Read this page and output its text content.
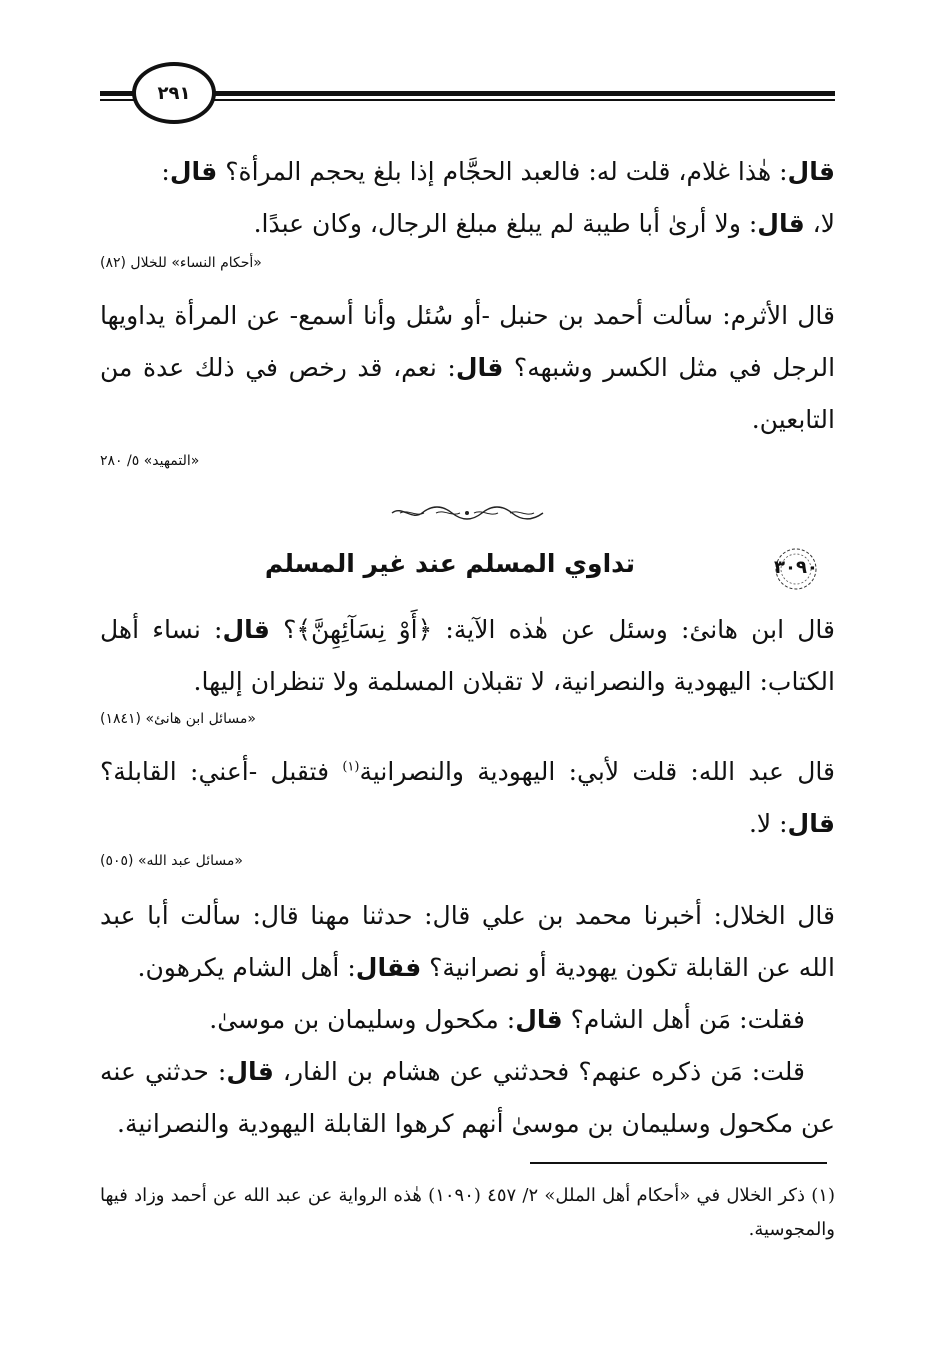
٢٩١
قال: هٰذا غلام، قلت له: فالعبد الحجَّام إذا بلغ يحجم المرأة؟ قال:
لا، قال: ولا أرىٰ أبا طيبة لم يبلغ مبلغ الرجال، وكان عبدًا.
«أحكام النساء» للخلال (٨٢)
قال الأثرم: سألت أحمد بن حنبل -أو سُئل وأنا أسمع- عن المرأة يداويها الرجل في مثل الكسر وشبهه؟ قال: نعم، قد رخص في ذلك عدة من التابعين.
«التمهيد» ٥/ ٢٨٠
٣٠٩٠
تداوي المسلم عند غير المسلم
قال ابن هانئ: وسئل عن هٰذه الآية: ﴿أَوْ نِسَآئِهِنَّ﴾؟ قال: نساء أهل الكتاب: اليهودية والنصرانية، لا تقبلان المسلمة ولا تنظران إليها.
«مسائل ابن هانئ» (١٨٤١)
قال عبد الله: قلت لأبي: اليهودية والنصرانية$^{(١)}$ فتقبل -أعني: القابلة؟ قال: لا.
«مسائل عبد الله» (٥٠٥)
قال الخلال: أخبرنا محمد بن علي قال: حدثنا مهنا قال: سألت أبا عبد الله عن القابلة تكون يهودية أو نصرانية؟ فقال: أهل الشام يكرهون.
فقلت: مَن أهل الشام؟ قال: مكحول وسليمان بن موسىٰ.
قلت: مَن ذكره عنهم؟ فحدثني عن هشام بن الفار، قال: حدثني عنه عن مكحول وسليمان بن موسىٰ أنهم كرهوا القابلة اليهودية والنصرانية.
(١) ذكر الخلال في «أحكام أهل الملل» ٢/ ٤٥٧ (١٠٩٠) هٰذه الرواية عن عبد الله عن أحمد وزاد فيها والمجوسية.
